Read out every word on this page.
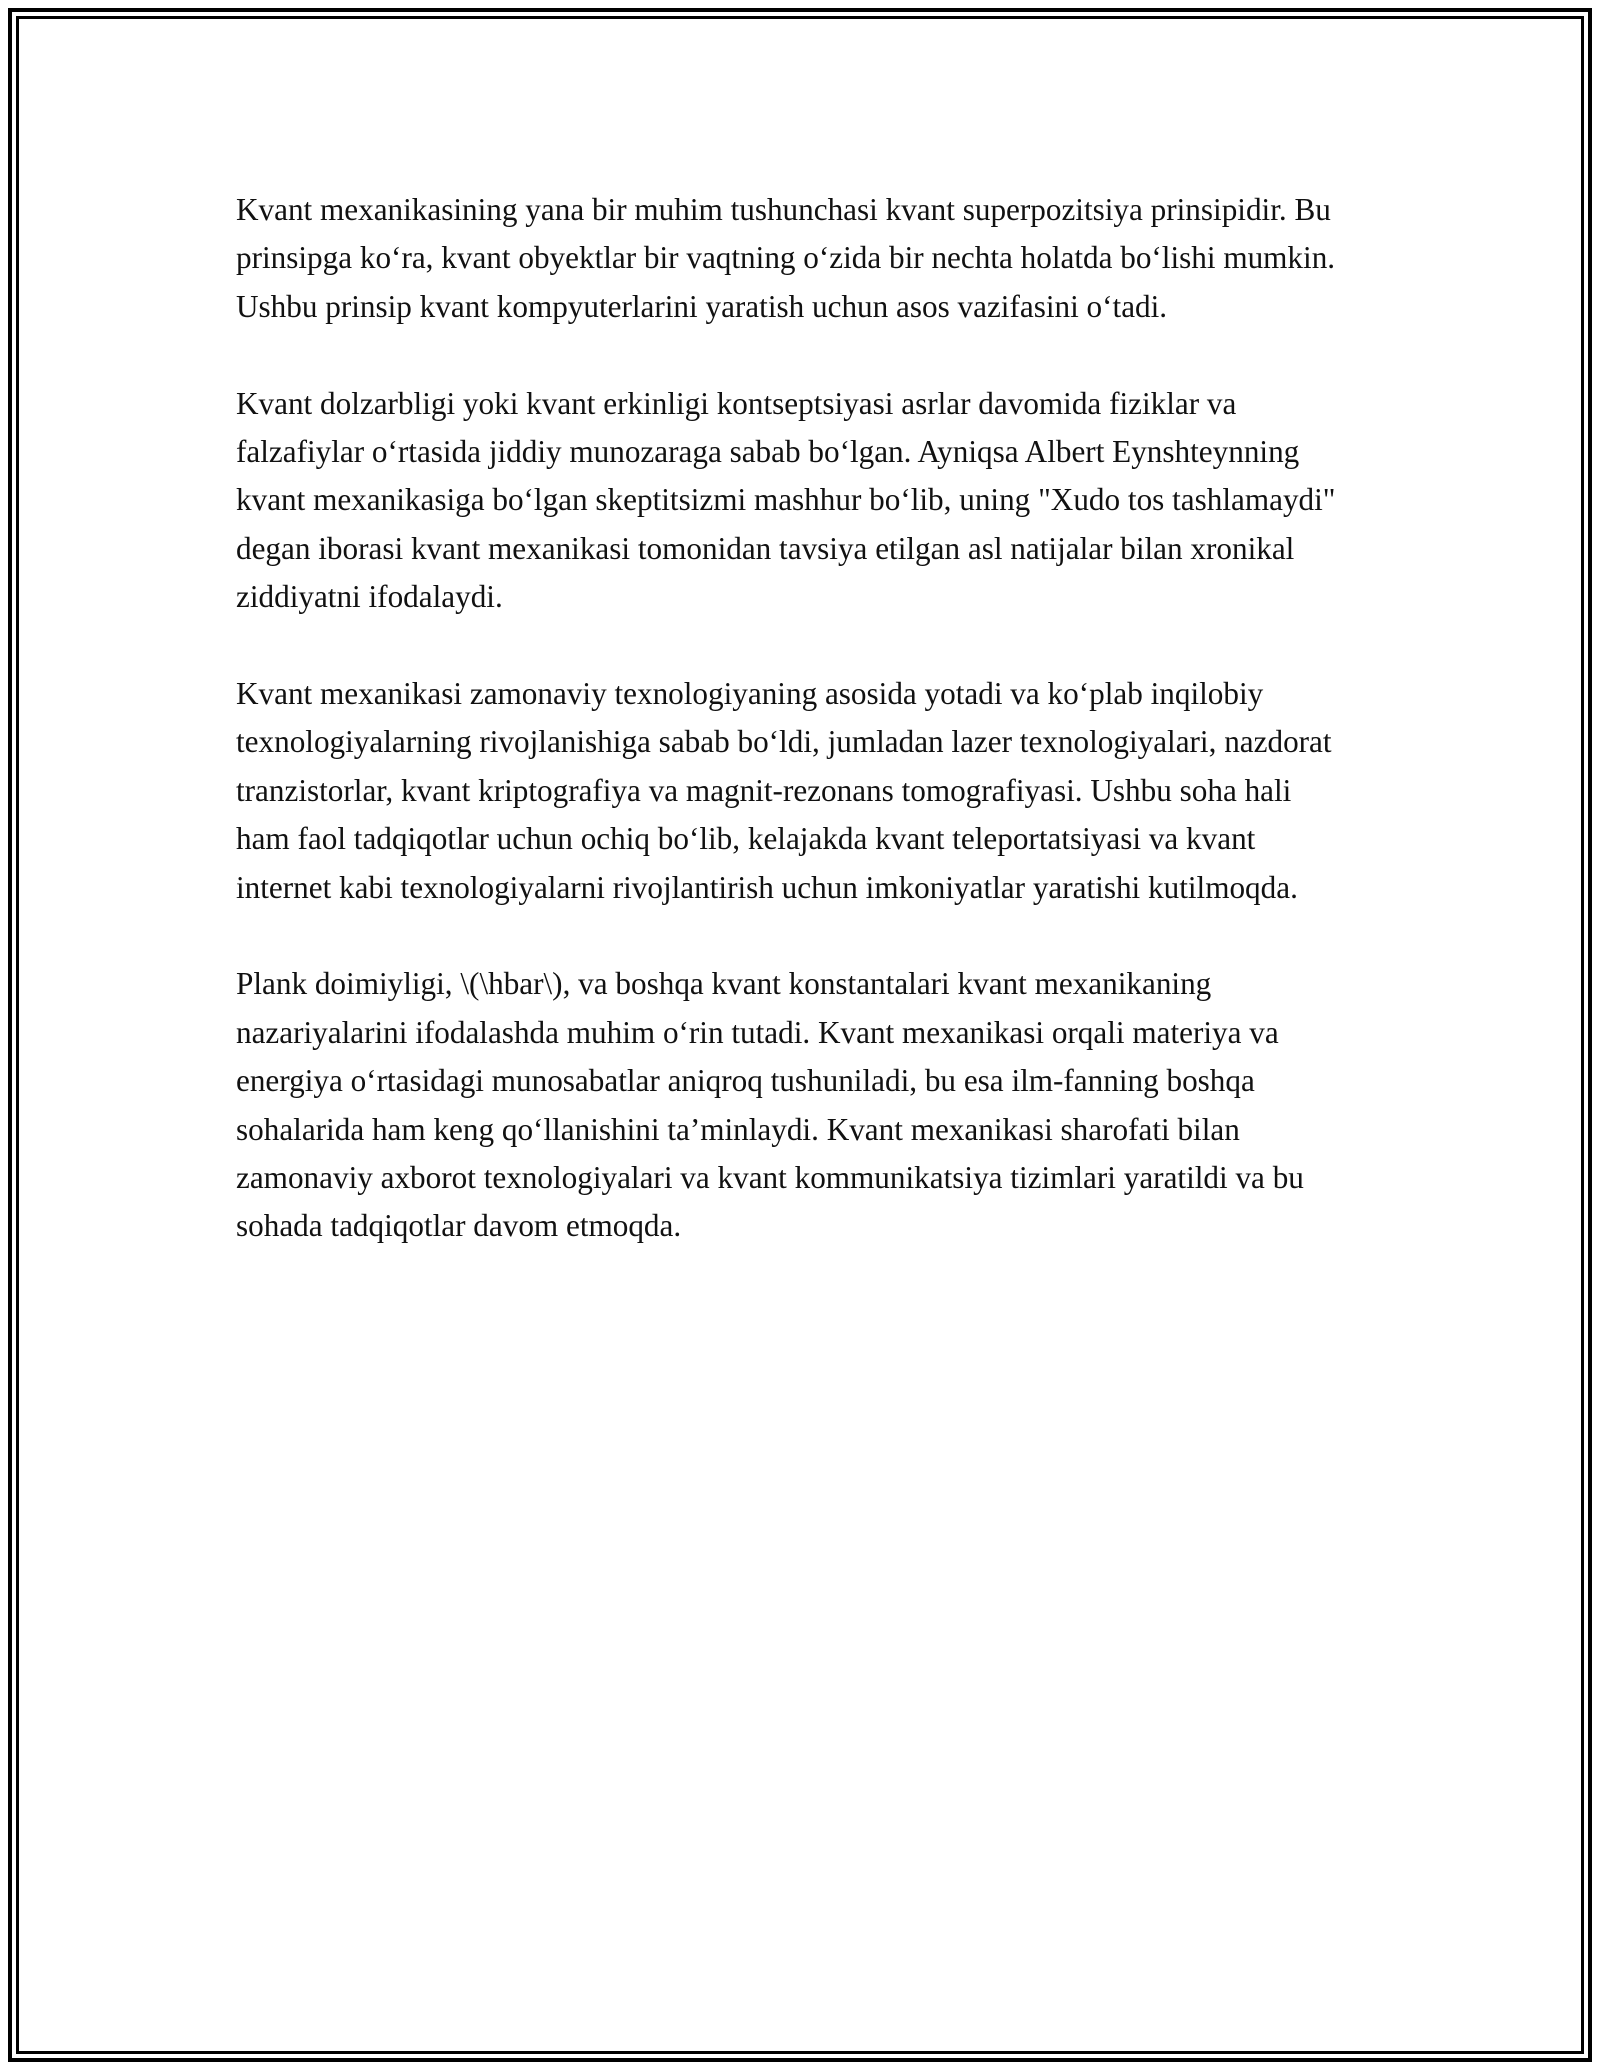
Kvant mexanikasining yana bir muhim tushunchasi kvant superpozitsiya prinsipidir. Bu prinsipga ko‘ra, kvant obyektlar bir vaqtning o‘zida bir nechta holatda bo‘lishi mumkin. Ushbu prinsip kvant kompyuterlarini yaratish uchun asos vazifasini o‘tadi.

Kvant dolzarbligi yoki kvant erkinligi kontseptsiyasi asrlar davomida fiziklar va falzafiylar o‘rtasida jiddiy munozaraga sabab bo‘lgan. Ayniqsa Albert Eynshteynning kvant mexanikasiga bo‘lgan skeptitsizmi mashhur bo‘lib, uning "Xudo tos tashlamaydi" degan iborasi kvant mexanikasi tomonidan tavsiya etilgan asl natijalar bilan xronikal ziddiyatni ifodalaydi.

Kvant mexanikasi zamonaviy texnologiyaning asosida yotadi va ko‘plab inqilobiy texnologiyalarning rivojlanishiga sabab bo‘ldi, jumladan lazer texnologiyalari, nazdorat tranzistorlar, kvant kriptografiya va magnit-rezonans tomografiyasi. Ushbu soha hali ham faol tadqiqotlar uchun ochiq bo‘lib, kelajakda kvant teleportatsiyasi va kvant internet kabi texnologiyalarni rivojlantirish uchun imkoniyatlar yaratishi kutilmoqda.

Plank doimiyligi, \(\hbar\), va boshqa kvant konstantalari kvant mexanikaning nazariyalarini ifodalashda muhim o‘rin tutadi. Kvant mexanikasi orqali materiya va energiya o‘rtasidagi munosabatlar aniqroq tushuniladi, bu esa ilm-fanning boshqa sohalarida ham keng qo‘llanishini ta’minlaydi. Kvant mexanikasi sharofati bilan zamonaviy axborot texnologiyalari va kvant kommunikatsiya tizimlari yaratildi va bu sohada tadqiqotlar davom etmoqda.
